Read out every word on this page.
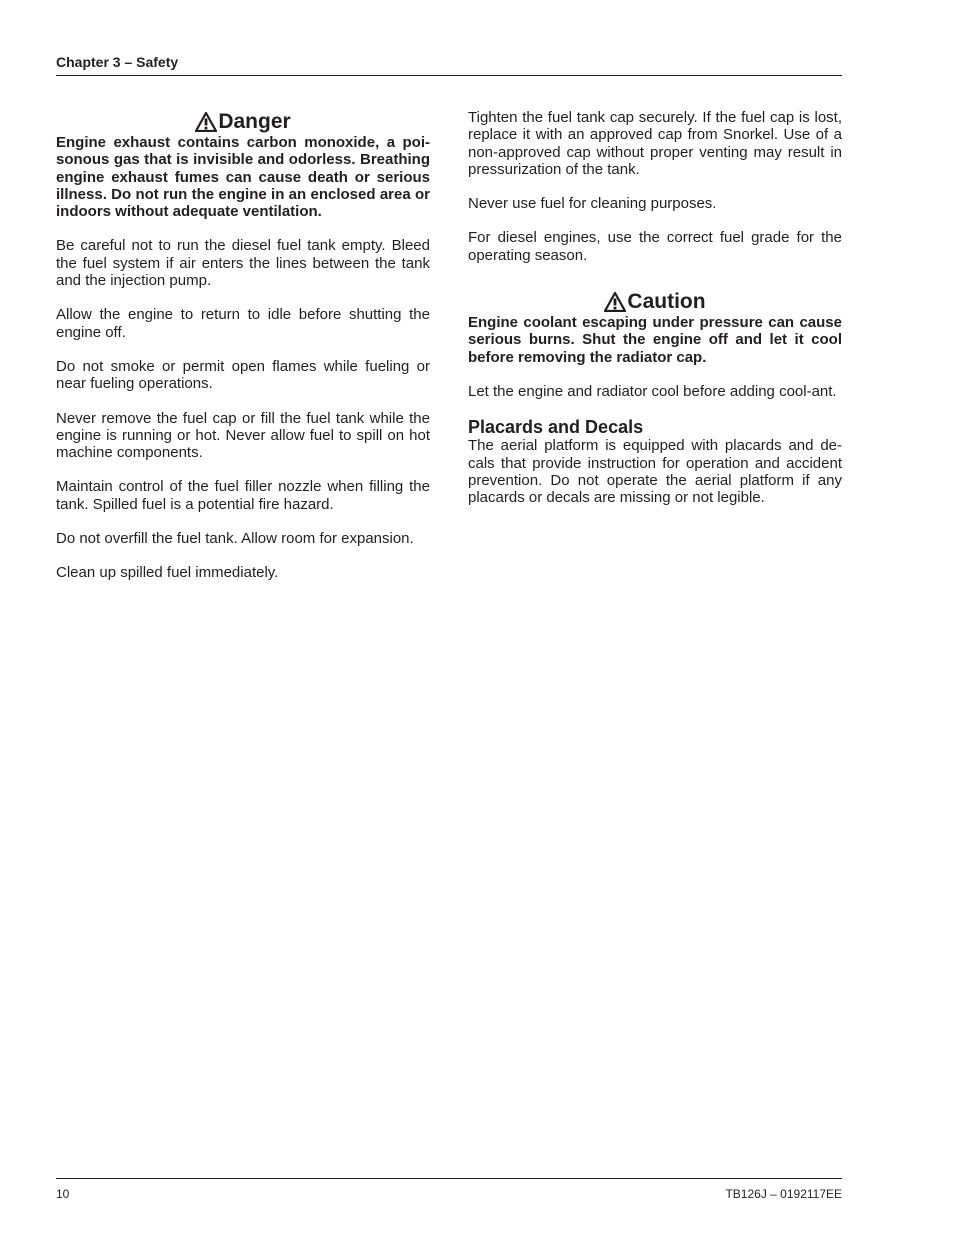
Chapter 3 – Safety
Danger

Engine exhaust contains carbon monoxide, a poi-sonous gas that is invisible and odorless. Breathing engine exhaust fumes can cause death or serious illness. Do not run the engine in an enclosed area or indoors without adequate ventilation.

Be careful not to run the diesel fuel tank empty. Bleed the fuel system if air enters the lines between the tank and the injection pump.

Allow the engine to return to idle before shutting the engine off.

Do not smoke or permit open flames while fueling or near fueling operations.

Never remove the fuel cap or fill the fuel tank while the engine is running or hot. Never allow fuel to spill on hot machine components.

Maintain control of the fuel filler nozzle when filling the tank. Spilled fuel is a potential fire hazard.

Do not overfill the fuel tank. Allow room for expansion.

Clean up spilled fuel immediately.

Tighten the fuel tank cap securely. If the fuel cap is lost, replace it with an approved cap from Snorkel. Use of a non-approved cap without proper venting may result in pressurization of the tank.

Never use fuel for cleaning purposes.

For diesel engines, use the correct fuel grade for the operating season.

Caution

Engine coolant escaping under pressure can cause serious burns. Shut the engine off and let it cool before removing the radiator cap.

Let the engine and radiator cool before adding cool-ant.

Placards and Decals

The aerial platform is equipped with placards and de-cals that provide instruction for operation and accident prevention. Do not operate the aerial platform if any placards or decals are missing or not legible.

10	TB126J – 0192117EE
